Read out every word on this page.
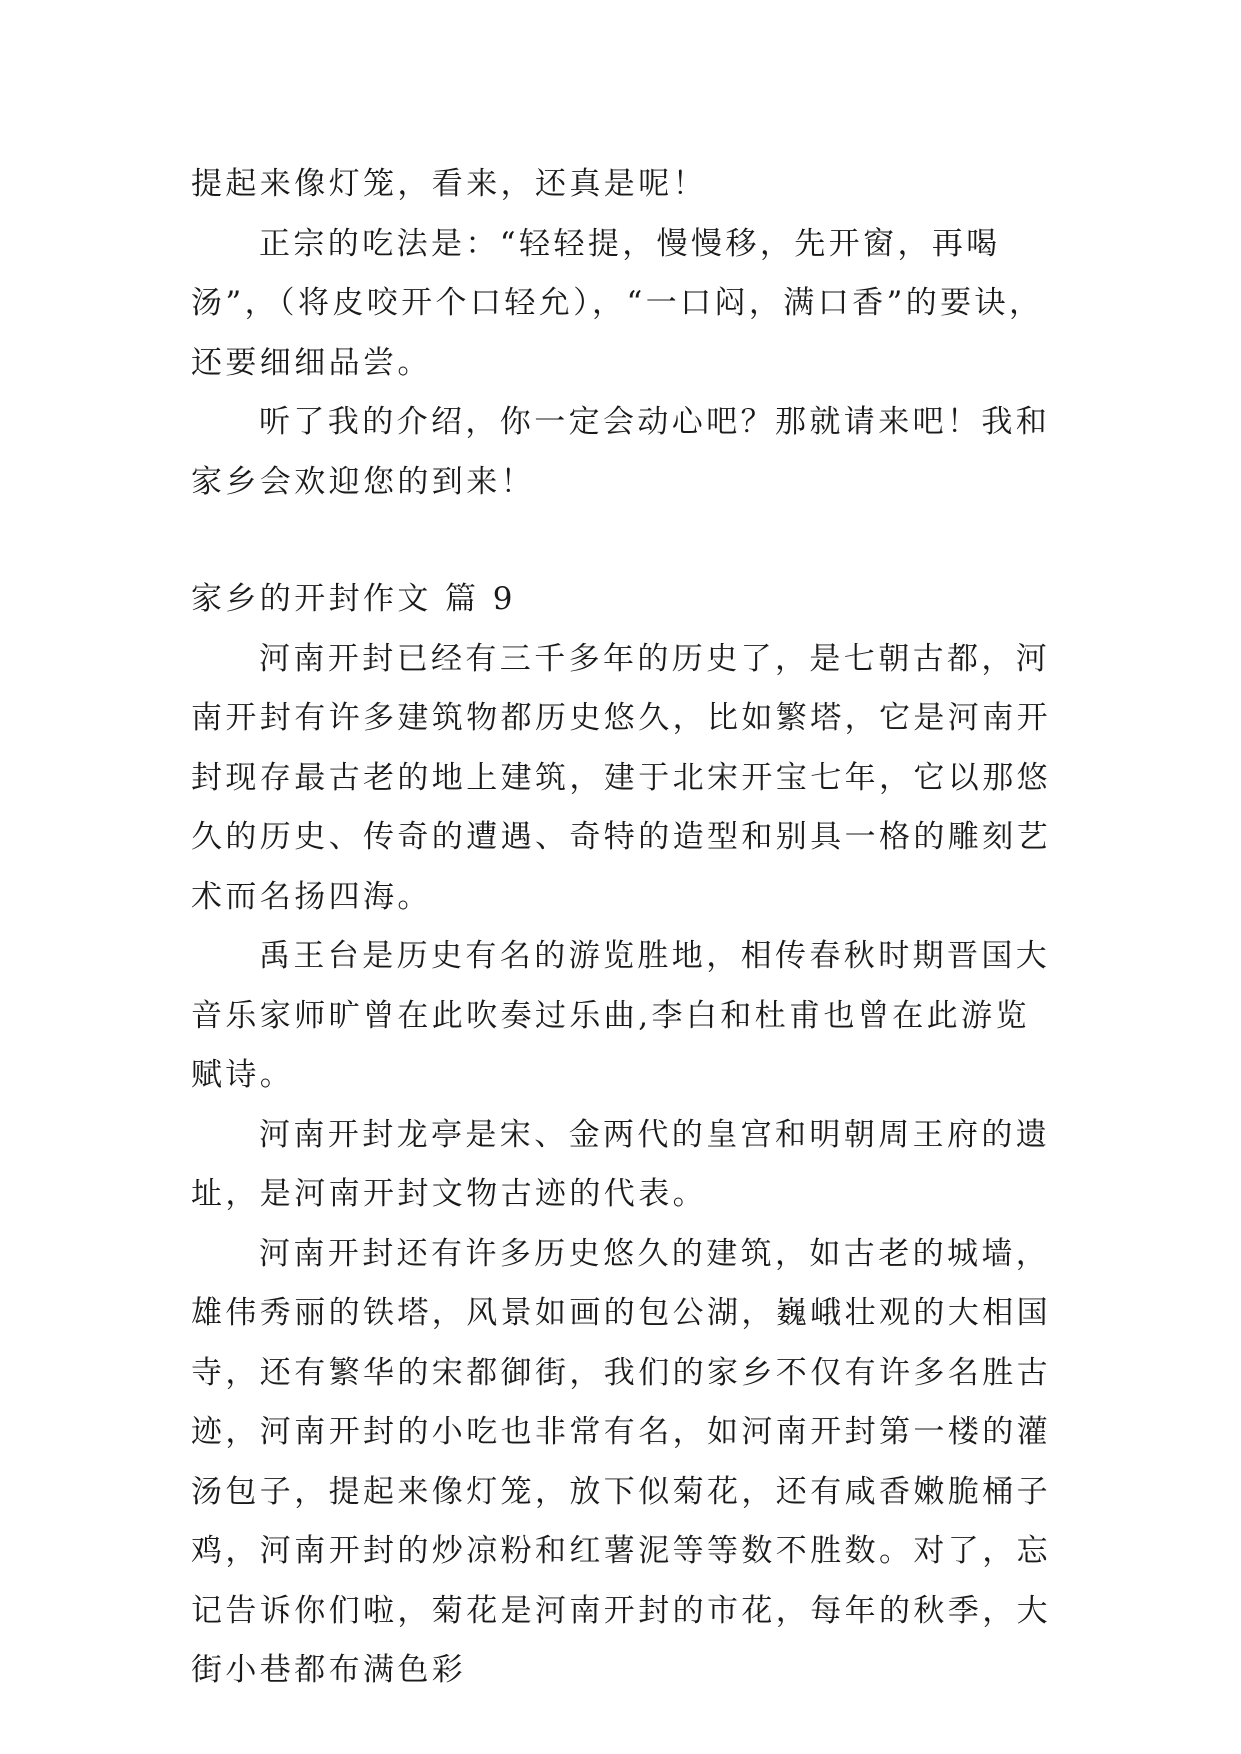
提起来像灯笼，看来，还真是呢！

正宗的吃法是：“轻轻提，慢慢移，先开窗，再喝汤”，（将皮咬开个口轻允），“一口闷，满口香”的要诀，还要细细品尝。

听了我的介绍，你一定会动心吧？那就请来吧！我和家乡会欢迎您的到来！

家乡的开封作文 篇 9

河南开封已经有三千多年的历史了，是七朝古都，河南开封有许多建筑物都历史悠久，比如繁塔，它是河南开封现存最古老的地上建筑，建于北宋开宝七年，它以那悠久的历史、传奇的遭遇、奇特的造型和别具一格的雕刻艺术而名扬四海。

禹王台是历史有名的游览胜地，相传春秋时期晋国大音乐家师旷曾在此吹奏过乐曲,李白和杜甫也曾在此游览赋诗。

河南开封龙亭是宋、金两代的皇宫和明朝周王府的遗址，是河南开封文物古迹的代表。

河南开封还有许多历史悠久的建筑，如古老的城墙，雄伟秀丽的铁塔，风景如画的包公湖，巍峨壮观的大相国寺，还有繁华的宋都御街，我们的家乡不仅有许多名胜古迹，河南开封的小吃也非常有名，如河南开封第一楼的灌汤包子，提起来像灯笼，放下似菊花，还有咸香嫩脆桶子鸡，河南开封的炒凉粉和红薯泥等等数不胜数。对了，忘记告诉你们啦，菊花是河南开封的市花，每年的秋季，大街小巷都布满色彩
